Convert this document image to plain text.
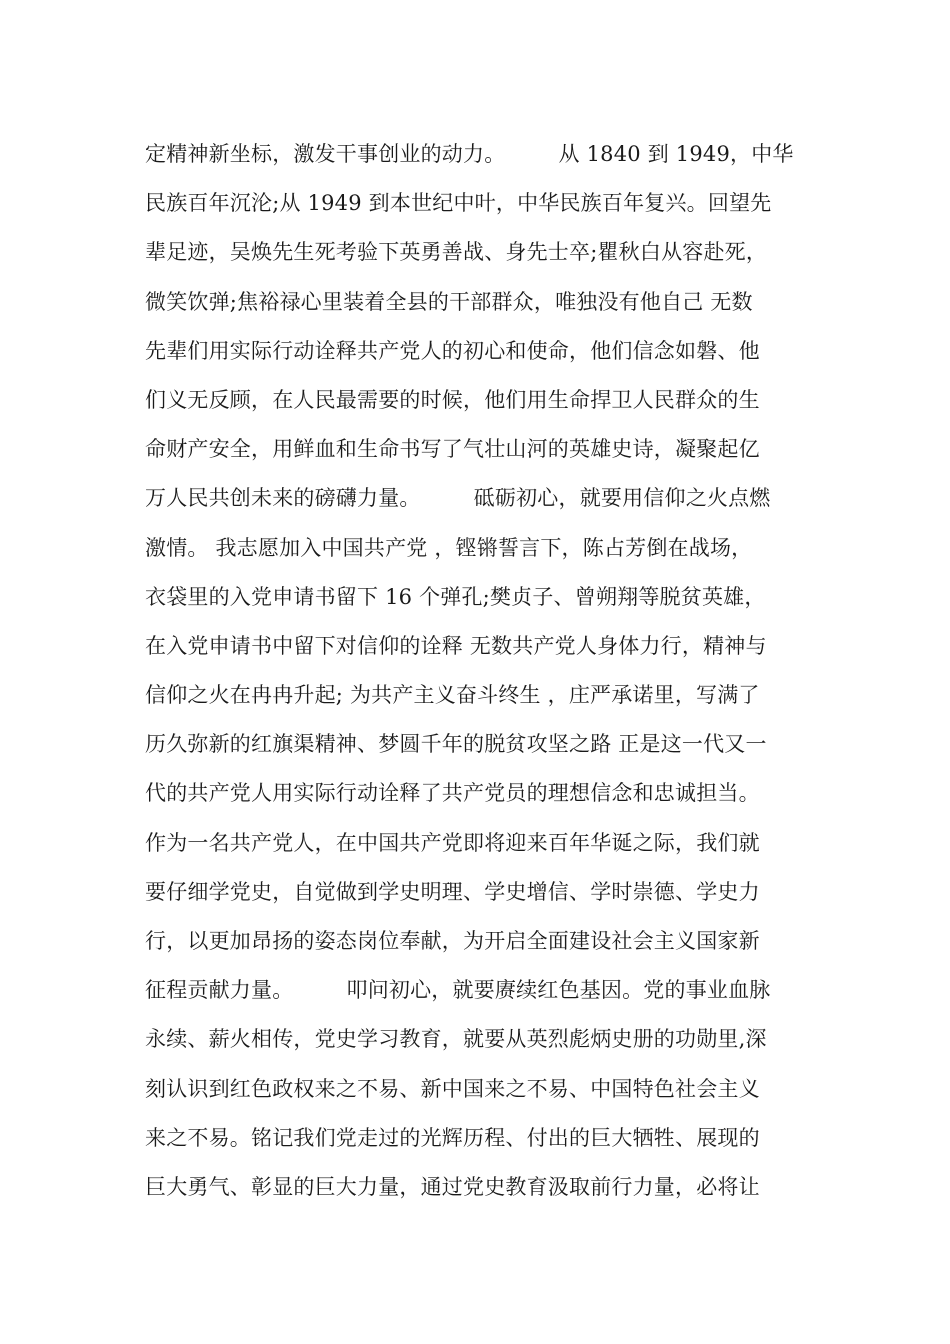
定精神新坐标，激发干事创业的动力。　　　从 1840 到 1949，中华
民族百年沉沦;从 1949 到本世纪中叶，中华民族百年复兴。回望先
辈足迹，吴焕先生死考验下英勇善战、身先士卒;瞿秋白从容赴死，
微笑饮弹;焦裕禄心里装着全县的干部群众，唯独没有他自己 无数
先辈们用实际行动诠释共产党人的初心和使命，他们信念如磐、他
们义无反顾，在人民最需要的时候，他们用生命捍卫人民群众的生
命财产安全，用鲜血和生命书写了气壮山河的英雄史诗，凝聚起亿
万人民共创未来的磅礴力量。　　　砥砺初心，就要用信仰之火点燃
激情。 我志愿加入中国共产党 ，铿锵誓言下，陈占芳倒在战场，
衣袋里的入党申请书留下 16 个弹孔;樊贞子、曾朔翔等脱贫英雄，
在入党申请书中留下对信仰的诠释 无数共产党人身体力行，精神与
信仰之火在冉冉升起; 为共产主义奋斗终生 ，庄严承诺里，写满了
历久弥新的红旗渠精神、梦圆千年的脱贫攻坚之路 正是这一代又一
代的共产党人用实际行动诠释了共产党员的理想信念和忠诚担当。
作为一名共产党人，在中国共产党即将迎来百年华诞之际，我们就
要仔细学党史，自觉做到学史明理、学史增信、学时崇德、学史力
行，以更加昂扬的姿态岗位奉献，为开启全面建设社会主义国家新
征程贡献力量。　　　叩问初心，就要赓续红色基因。党的事业血脉
永续、薪火相传，党史学习教育，就要从英烈彪炳史册的功勋里,深
刻认识到红色政权来之不易、新中国来之不易、中国特色社会主义
来之不易。铭记我们党走过的光辉历程、付出的巨大牺牲、展现的
巨大勇气、彰显的巨大力量，通过党史教育汲取前行力量，必将让
